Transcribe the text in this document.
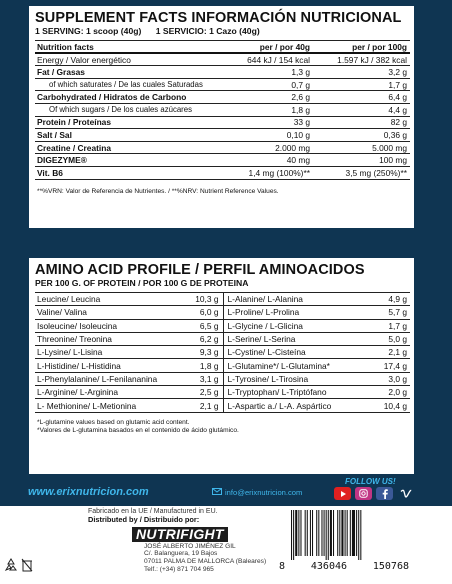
SUPPLEMENT FACTS INFORMACIÓN NUTRICIONAL
1 SERVING: 1 scoop (40g) 1 SERVICIO: 1 Cazo (40g)
Nutrition facts	per / por 40g	per / por 100g
Energy / Valor energético	644 kJ / 154 kcal	1.597 kJ / 382 kcal
Fat / Grasas	1,3 g	3,2 g
of which saturates / De las cuales Saturadas	0,7 g	1,7 g
Carbohydrated / Hidratos de Carbono	2,6 g	6,4 g
Of which sugars / De los cuales azúcares	1,8 g	4,4 g
Protein / Proteínas	33 g	82 g
Salt / Sal	0,10 g	0,36 g
Creatine / Creatina	2.000 mg	5.000 mg
DIGEZYME®	40 mg	100 mg
Vit. B6	1,4 mg (100%)**	3,5 mg (250%)**
**%VRN: Valor de Referencia de Nutrientes. / **%NRV: Nutrient Reference Values.
AMINO ACID PROFILE / PERFIL AMINOACIDOS
PER 100 G. OF PROTEIN / POR 100 G DE PROTEINA
Leucine/ Leucina	10,3 g	L-Alanine/ L-Alanina	4,9 g
Valine/ Valina	6,0 g	L-Proline/ L-Prolina	5,7 g
Isoleucine/ Isoleucina	6,5 g	L-Glycine / L-Glicina	1,7 g
Threonine/ Treonina	6,2 g	L-Serine/ L-Serina	5,0 g
L-Lysine/ L-Lisina	9,3 g	L-Cystine/ L-Cisteína	2,1 g
L-Histidine/ L-Histidina	1,8 g	L-Glutamine*/ L-Glutamina*	17,4 g
L-Phenylalanine/ L-Fenilananina	3,1 g	L-Tyrosine/ L-Tirosina	3,0 g
L-Arginine/ L-Arginina	2,5 g	L-Tryptophan/ L-Triptófano	2,0 g
L- Methionine/ L-Metionina	2,1 g	L-Aspartic a./ L-A. Aspártico	10,4 g
*L-glutamine values based on glutamic acid content.
*Valores de L-glutamina basados en el contenido de ácido glutámico.
www.erixnutricion.com	info@erixnutricion.com
FOLLOW US!
Fabricado en la UE / Manufactured in EU.
Distributed by / Distribuido por:
NUTRIFIGHT
JOSÉ ALBERTO JIMÉNEZ GIL
C/. Balanguera, 19 Bajos
07011 PALMA DE MALLORCA (Baleares)
Telf.: (+34) 871 704 965	8	436046	150768
